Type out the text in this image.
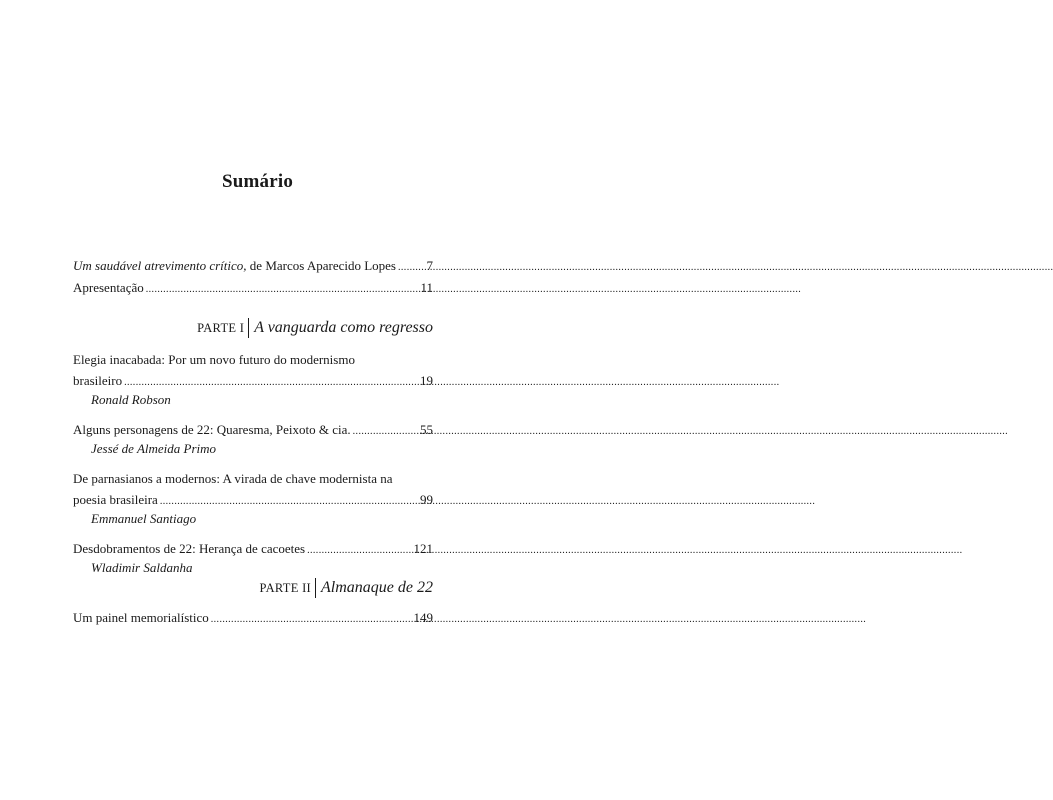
Sumário
Um saudável atrevimento crítico, de Marcos Aparecido Lopes ..... 7
Apresentação .....	11
PARTE I A vanguarda como regresso
Elegia inacabada: Por um novo futuro do modernismo
brasileiro .....	19
Ronald Robson
Alguns personagens de 22: Quaresma, Peixoto & cia. .....	55
Jessé de Almeida Primo
De parnasianos a modernos: A virada de chave modernista na
poesia brasileira .....	99
Emmanuel Santiago
Desdobramentos de 22: Herança de cacoetes .....	121
Wladimir Saldanha
PARTE II Almanaque de 22
Um painel memorialístico .....	149
